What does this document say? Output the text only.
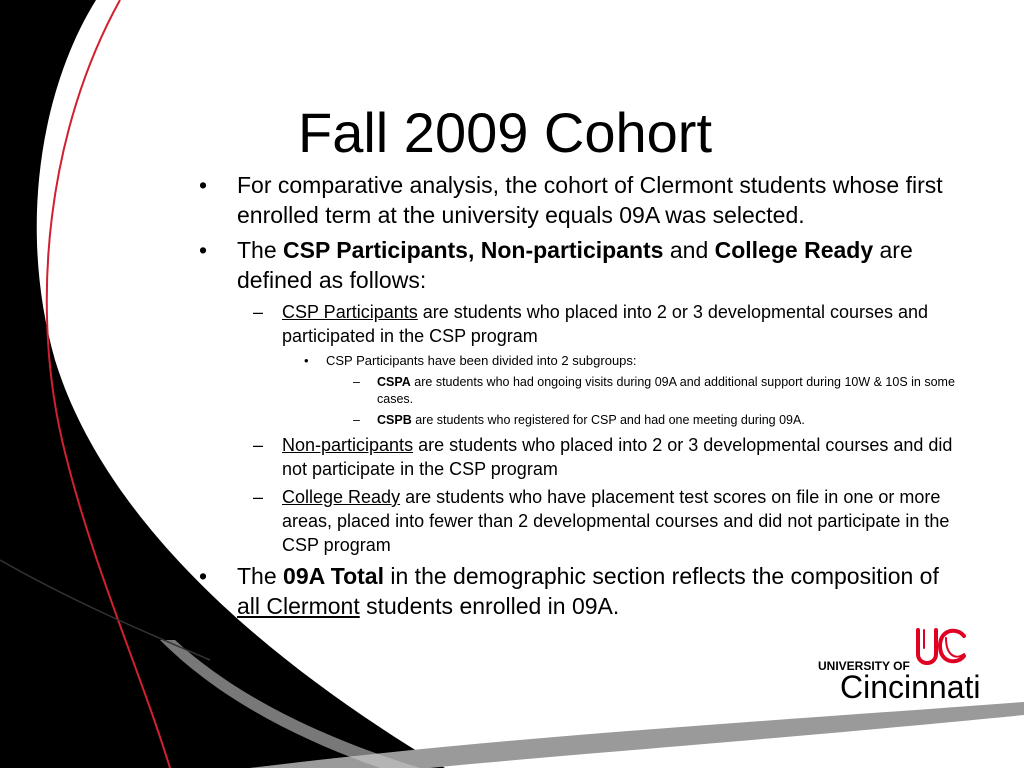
Fall 2009 Cohort
• For comparative analysis, the cohort of Clermont students whose first enrolled term at the university equals 09A was selected.
• The CSP Participants, Non-participants and College Ready are defined as follows:
– CSP Participants are students who placed into 2 or 3 developmental courses and participated in the CSP program
• CSP Participants have been divided into 2 subgroups:
– CSPA are students who had ongoing visits during 09A and additional support during 10W & 10S in some cases.
– CSPB are students who registered for CSP and had one meeting during 09A.
– Non-participants are students who placed into 2 or 3 developmental courses and did not participate in the CSP program
– College Ready are students who have placement test scores on file in one or more areas, placed into fewer than 2 developmental courses and did not participate in the CSP program
• The 09A Total in the demographic section reflects the composition of all Clermont students enrolled in 09A.
UNIVERSITY OF
Cincinnati
